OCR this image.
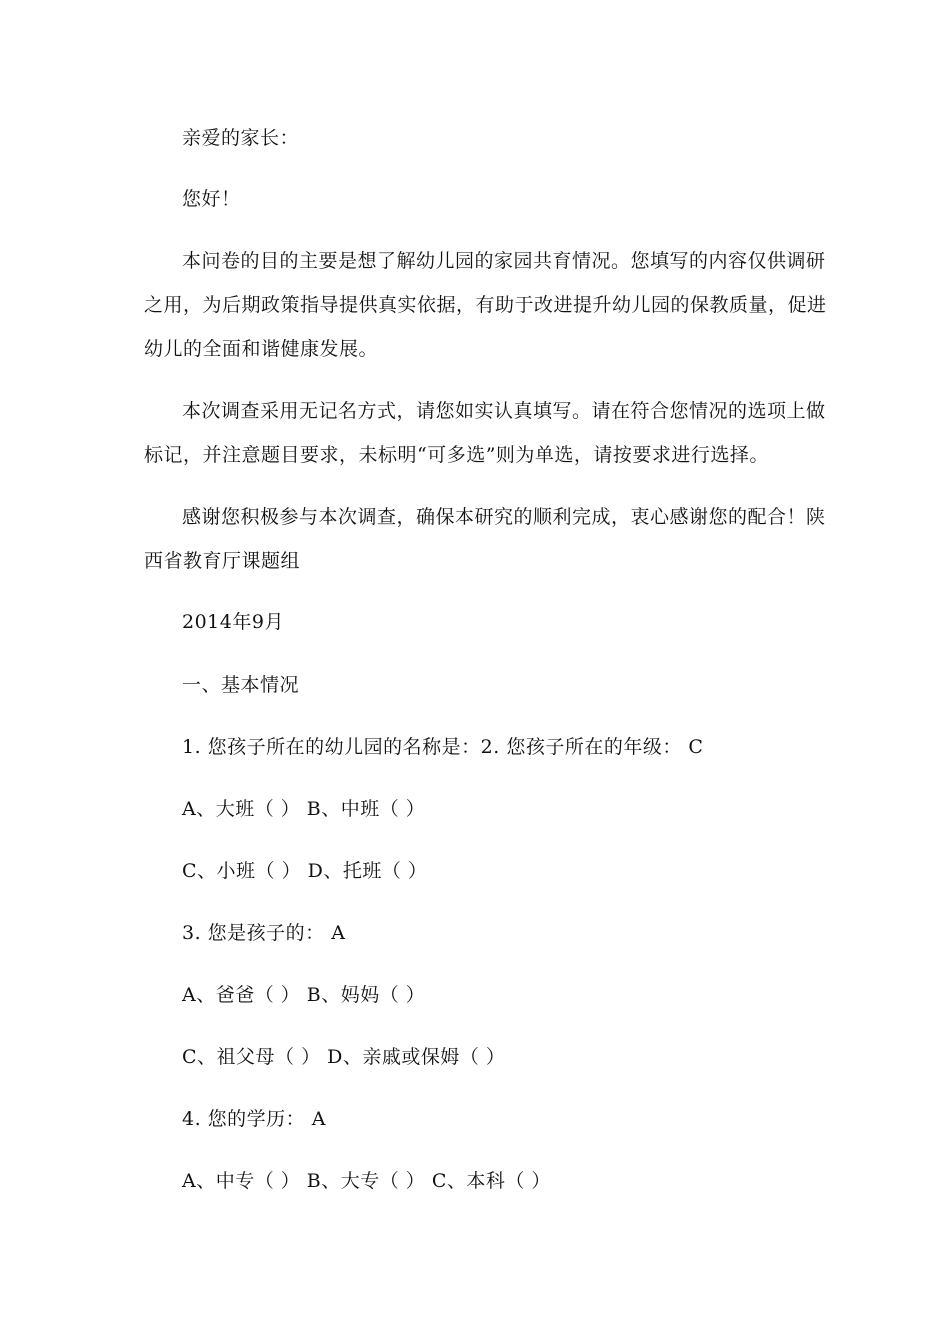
亲爱的家长：
您好！
本问卷的目的主要是想了解幼儿园的家园共育情况。您填写的内容仅供调研
之用，为后期政策指导提供真实依据，有助于改进提升幼儿园的保教质量，促进
幼儿的全面和谐健康发展。
本次调查采用无记名方式，请您如实认真填写。请在符合您情况的选项上做
标记，并注意题目要求，未标明“可多选”则为单选，请按要求进行选择。
感谢您积极参与本次调查，确保本研究的顺利完成，衷心感谢您的配合！陕
西省教育厅课题组
2014年9月
一、基本情况
1. 您孩子所在的幼儿园的名称是：2. 您孩子所在的年级： C
A、大班（ ） B、中班（ ）
C、小班（ ） D、托班（ ）
3. 您是孩子的： A
A、爸爸（ ） B、妈妈（ ）
C、祖父母（ ） D、亲戚或保姆（ ）
4. 您的学历： A
A、中专（ ） B、大专（ ） C、本科（ ）
